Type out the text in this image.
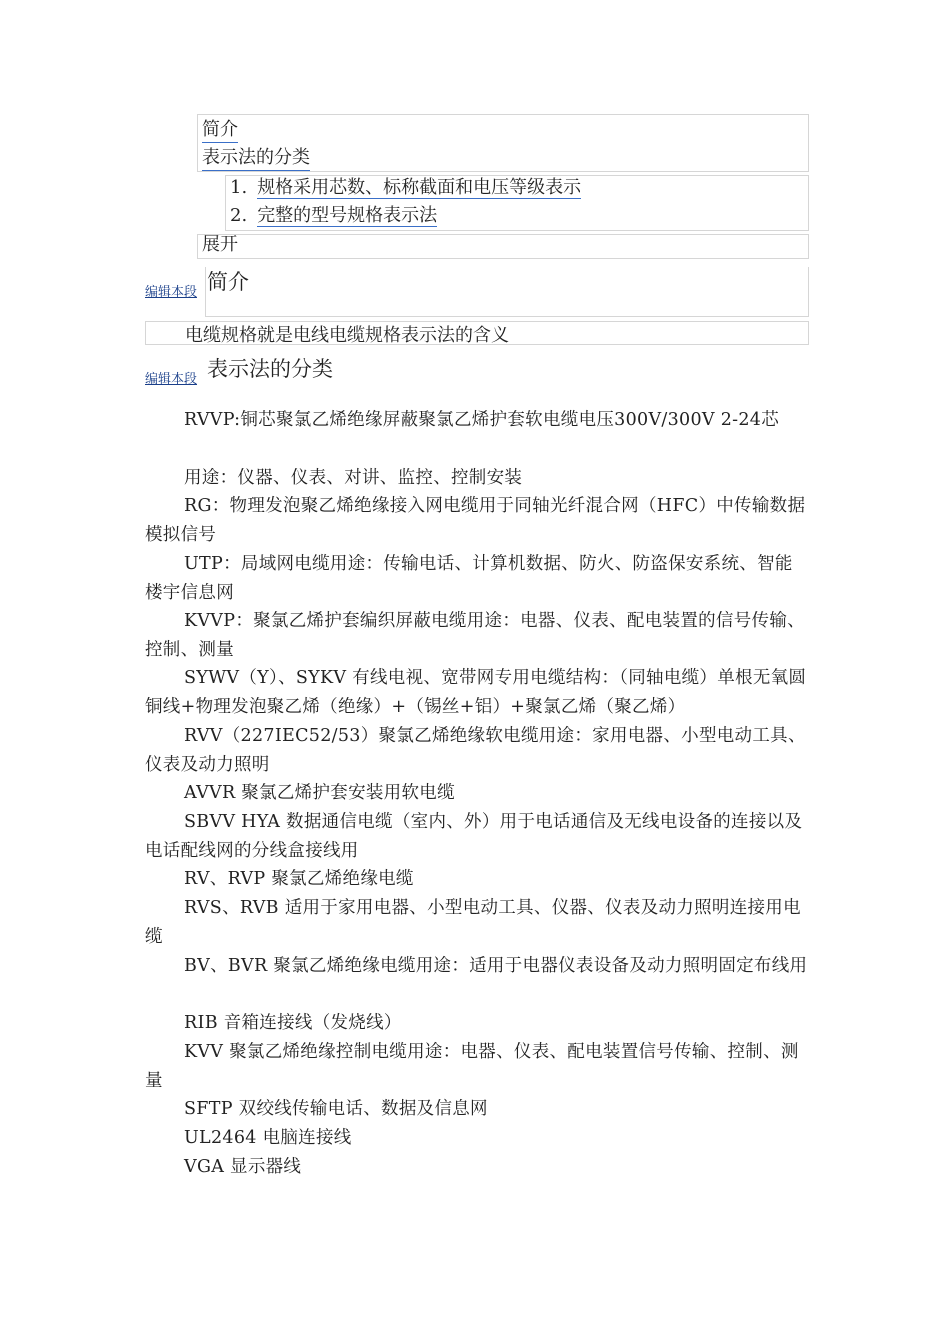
简介
表示法的分类
1. 规格采用芯数、标称截面和电压等级表示
2. 完整的型号规格表示法
展开
编辑本段 简介
电缆规格就是电线电缆规格表示法的含义
编辑本段 表示法的分类

RVVP:铜芯聚氯乙烯绝缘屏蔽聚氯乙烯护套软电缆电压300V/300V 2-24芯

用途：仪器、仪表、对讲、监控、控制安装

RG：物理发泡聚乙烯绝缘接入网电缆用于同轴光纤混合网（HFC）中传输数据模拟信号

UTP：局域网电缆用途：传输电话、计算机数据、防火、防盗保安系统、智能楼宇信息网

KVVP：聚氯乙烯护套编织屏蔽电缆用途：电器、仪表、配电装置的信号传输、控制、测量

SYWV（Y）、SYKV 有线电视、宽带网专用电缆结构：（同轴电缆）单根无氧圆铜线+物理发泡聚乙烯（绝缘）+（锡丝+铝）+聚氯乙烯（聚乙烯）

RVV（227IEC52/53）聚氯乙烯绝缘软电缆用途：家用电器、小型电动工具、仪表及动力照明

AVVR 聚氯乙烯护套安装用软电缆

SBVV HYA 数据通信电缆（室内、外）用于电话通信及无线电设备的连接以及电话配线网的分线盒接线用

RV、RVP 聚氯乙烯绝缘电缆

RVS、RVB 适用于家用电器、小型电动工具、仪器、仪表及动力照明连接用电缆

BV、BVR 聚氯乙烯绝缘电缆用途：适用于电器仪表设备及动力照明固定布线用

RIB 音箱连接线（发烧线）

KVV 聚氯乙烯绝缘控制电缆用途：电器、仪表、配电装置信号传输、控制、测量

SFTP 双绞线传输电话、数据及信息网

UL2464 电脑连接线

VGA 显示器线
